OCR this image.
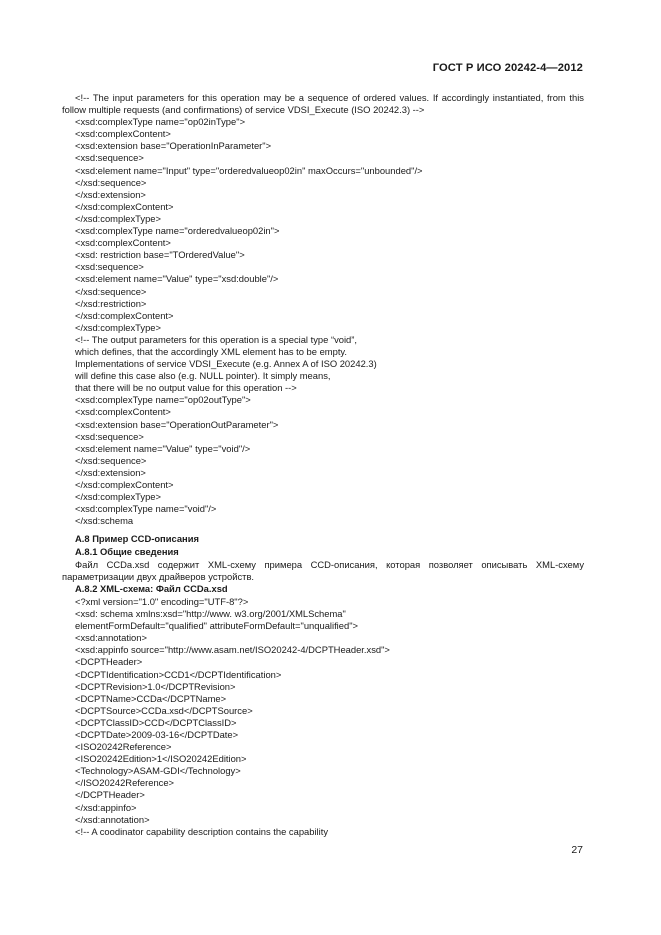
ГОСТ Р ИСО 20242-4—2012
<!-- The input parameters for this operation may be a sequence of ordered values. If accordingly instantiated, from this follow multiple requests (and confirmations) of service VDSI_Execute (ISO 20242.3) -->
<xsd:complexType name="op02inType">
<xsd:complexContent>
<xsd:extension base="OperationInParameter">
<xsd:sequence>
<xsd:element name="Input" type="orderedvalueop02in" maxOccurs="unbounded"/>
</xsd:sequence>
</xsd:extension>
</xsd:complexContent>
</xsd:complexType>
<xsd:complexType name="orderedvalueop02in">
<xsd:complexContent>
<xsd: restriction base="TOrderedValue">
<xsd:sequence>
<xsd:element name="Value" type="xsd:double"/>
</xsd:sequence>
</xsd:restriction>
</xsd:complexContent>
</xsd:complexType>
<!-- The output parameters for this operation is a special type “void”,
which defines, that the accordingly XML element has to be empty.
Implementations of service VDSI_Execute (e.g. Annex A of ISO 20242.3)
will define this case also (e.g. NULL pointer). It simply means,
that there will be no output value for this operation -->
<xsd:complexType name="op02outType">
<xsd:complexContent>
<xsd:extension base="OperationOutParameter">
<xsd:sequence>
<xsd:element name="Value" type="void"/>
</xsd:sequence>
</xsd:extension>
</xsd:complexContent>
</xsd:complexType>
<xsd:complexType name="void"/>
</xsd:schema
А.8 Пример CCD-описания
А.8.1 Общие сведения
Файл CCDa.xsd содержит XML-схему примера CCD-описания, которая позволяет описывать XML-схему параметризации двух драйверов устройств.
А.8.2 XML-схема: Файл CCDa.xsd
<?xml version="1.0" encoding="UTF-8"?>
<xsd: schema xmlns:xsd="http://www. w3.org/2001/XMLSchema"
elementFormDefault="qualified" attributeFormDefault="unqualified">
<xsd:annotation>
<xsd:appinfo source="http://www.asam.net/ISO20242-4/DCPTHeader.xsd">
<DCPTHeader>
<DCPTIdentification>CCD1</DCPTIdentification>
<DCPTRevision>1.0</DCPTRevision>
<DCPTName>CCDa</DCPTName>
<DCPTSource>CCDa.xsd</DCPTSource>
<DCPTClassID>CCD</DCPTClassID>
<DCPTDate>2009-03-16</DCPTDate>
<ISO20242Reference>
<ISO20242Edition>1</ISO20242Edition>
<Technology>ASAM-GDI</Technology>
</ISO20242Reference>
</DCPTHeader>
</xsd:appinfo>
</xsd:annotation>
<!-- A coodinator capability description contains the capability
27
